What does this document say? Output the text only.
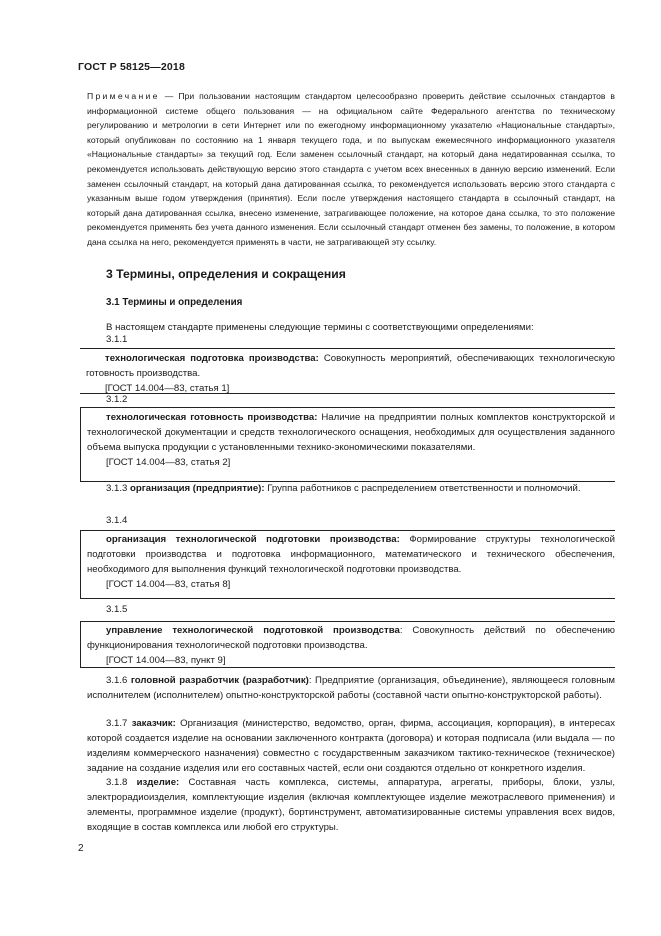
ГОСТ Р 58125—2018
Примечание — При пользовании настоящим стандартом целесообразно проверить действие ссылочных стандартов в информационной системе общего пользования — на официальном сайте Федерального агентства по техническому регулированию и метрологии в сети Интернет или по ежегодному информационному указателю «Национальные стандарты», который опубликован по состоянию на 1 января текущего года, и по выпускам ежемесячного информационного указателя «Национальные стандарты» за текущий год. Если заменен ссылочный стандарт, на который дана недатированная ссылка, то рекомендуется использовать действующую версию этого стандарта с учетом всех внесенных в данную версию изменений. Если заменен ссылочный стандарт, на который дана датированная ссылка, то рекомендуется использовать версию этого стандарта с указанным выше годом утверждения (принятия). Если после утверждения настоящего стандарта в ссылочный стандарт, на который дана датированная ссылка, внесено изменение, затрагивающее положение, на которое дана ссылка, то это положение рекомендуется применять без учета данного изменения. Если ссылочный стандарт отменен без замены, то положение, в котором дана ссылка на него, рекомендуется применять в части, не затрагивающей эту ссылку.
3 Термины, определения и сокращения
3.1 Термины и определения
В настоящем стандарте применены следующие термины с соответствующими определениями:
3.1.1
технологическая подготовка производства: Совокупность мероприятий, обеспечивающих технологическую готовность производства.
[ГОСТ 14.004—83, статья 1]
3.1.2
технологическая готовность производства: Наличие на предприятии полных комплектов конструкторской и технологической документации и средств технологического оснащения, необходимых для осуществления заданного объема выпуска продукции с установленными технико-экономическими показателями.
[ГОСТ 14.004—83, статья 2]
3.1.3 организация (предприятие): Группа работников с распределением ответственности и полномочий.
3.1.4
организация технологической подготовки производства: Формирование структуры технологической подготовки производства и подготовка информационного, математического и технического обеспечения, необходимого для выполнения функций технологической подготовки производства.
[ГОСТ 14.004—83, статья 8]
3.1.5
управление технологической подготовкой производства: Совокупность действий по обеспечению функционирования технологической подготовки производства.
[ГОСТ 14.004—83, пункт 9]
3.1.6 головной разработчик (разработчик): Предприятие (организация, объединение), являющееся головным исполнителем (исполнителем) опытно-конструкторской работы (составной части опытно-конструкторской работы).
3.1.7 заказчик: Организация (министерство, ведомство, орган, фирма, ассоциация, корпорация), в интересах которой создается изделие на основании заключенного контракта (договора) и которая подписала (или выдала — по изделиям коммерческого назначения) совместно с государственным заказчиком тактико-техническое (техническое) задание на создание изделия или его составных частей, если они создаются отдельно от конкретного изделия.
3.1.8 изделие: Составная часть комплекса, системы, аппаратура, агрегаты, приборы, блоки, узлы, электрорадиоизделия, комплектующие изделия (включая комплектующее изделие межотраслевого применения) и элементы, программное изделие (продукт), бортинструмент, автоматизированные системы управления всех видов, входящие в состав комплекса или любой его структуры.
2
